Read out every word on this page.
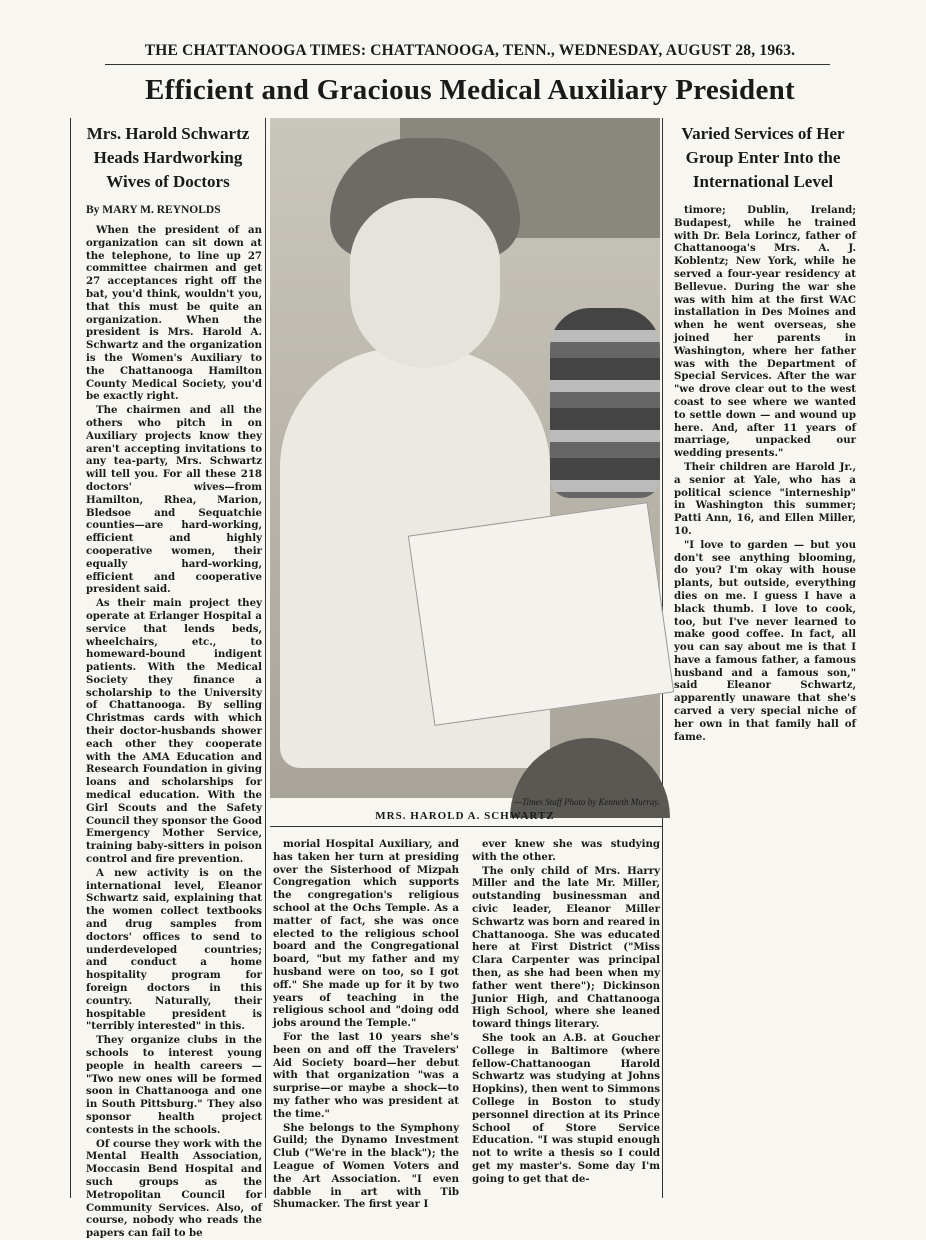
THE CHATTANOOGA TIMES: CHATTANOOGA, TENN., WEDNESDAY, AUGUST 28, 1963.
Efficient and Gracious Medical Auxiliary President
Mrs. Harold Schwartz
Heads Hardworking
Wives of Doctors
By MARY M. REYNOLDS
Varied Services of Her
Group Enter Into the
International Level

When the president of an organization can sit down at the telephone, to line up 27 committee chairmen and get 27 acceptances right off the bat, you'd think, wouldn't you, that this must be quite an organization. When the president is Mrs. Harold A. Schwartz and the organization is the Women's Auxiliary to the Chattanooga Hamilton County Medical Society, you'd be exactly right.

The chairmen and all the others who pitch in on Auxiliary projects know they aren't accepting invitations to any tea-party, Mrs. Schwartz will tell you. For all these 218 doctors' wives—from Hamilton, Rhea, Marion, Bledsoe and Sequatchie counties—are hard-working, efficient and highly cooperative women, their equally hard-working, efficient and cooperative president said.

As their main project they operate at Erlanger Hospital a service that lends beds, wheelchairs, etc., to homeward-bound indigent patients. With the Medical Society they finance a scholarship to the University of Chattanooga. By selling Christmas cards with which their doctor-husbands shower each other they cooperate with the AMA Education and Research Foundation in giving loans and scholarships for medical education. With the Girl Scouts and the Safety Council they sponsor the Good Emergency Mother Service, training baby-sitters in poison control and fire prevention.

A new activity is on the international level, Eleanor Schwartz said, explaining that the women collect textbooks and drug samples from doctors' offices to send to underdeveloped countries; and conduct a home hospitality program for foreign doctors in this country. Naturally, their hospitable president is "terribly interested" in this.

They organize clubs in the schools to interest young people in health careers — "Two new ones will be formed soon in Chattanooga and one in South Pittsburg." They also sponsor health project contests in the schools.

Of course they work with the Mental Health Association, Moccasin Bend Hospital and such groups as the Metropolitan Council for Community Services. Also, of course, nobody who reads the papers can fail to be

—Times Staff Photo by Kenneth Murray.
MRS. HAROLD A. SCHWARTZ

morial Hospital Auxiliary, and has taken her turn at presiding over the Sisterhood of Mizpah Congregation which supports the congregation's religious school at the Ochs Temple. As a matter of fact, she was once elected to the religious school board and the Congregational board, "but my father and my husband were on too, so I got off." She made up for it by two years of teaching in the religious school and "doing odd jobs around the Temple."

For the last 10 years she's been on and off the Travelers' Aid Society board—her debut with that organization "was a surprise—or maybe a shock—to my father who was president at the time."

She belongs to the Symphony Guild; the Dynamo Investment Club ("We're in the black"); the League of Women Voters and the Art Association. "I even dabble in art with Tib Shumacker. The first year I

ever knew she was studying with the other.

The only child of Mrs. Harry Miller and the late Mr. Miller, outstanding businessman and civic leader, Eleanor Miller Schwartz was born and reared in Chattanooga. She was educated here at First District ("Miss Clara Carpenter was principal then, as she had been when my father went there"); Dickinson Junior High, and Chattanooga High School, where she leaned toward things literary.

She took an A.B. at Goucher College in Baltimore (where fellow-Chattanoogan Harold Schwartz was studying at Johns Hopkins), then went to Simmons College in Boston to study personnel direction at its Prince School of Store Service Education. "I was stupid enough not to write a thesis so I could get my master's. Some day I'm going to get that de-

timore; Dublin, Ireland; Budapest, while he trained with Dr. Bela Lorincz, father of Chattanooga's Mrs. A. J. Koblentz; New York, while he served a four-year residency at Bellevue. During the war she was with him at the first WAC installation in Des Moines and when he went overseas, she joined her parents in Washington, where her father was with the Department of Special Services. After the war "we drove clear out to the west coast to see where we wanted to settle down — and wound up here. And, after 11 years of marriage, unpacked our wedding presents."

Their children are Harold Jr., a senior at Yale, who has a political science "interneship" in Washington this summer; Patti Ann, 16, and Ellen Miller, 10.

"I love to garden — but you don't see anything blooming, do you? I'm okay with house plants, but outside, everything dies on me. I guess I have a black thumb. I love to cook, too, but I've never learned to make good coffee. In fact, all you can say about me is that I have a famous father, a famous husband and a famous son," said Eleanor Schwartz, apparently unaware that she's carved a very special niche of her own in that family hall of fame.
